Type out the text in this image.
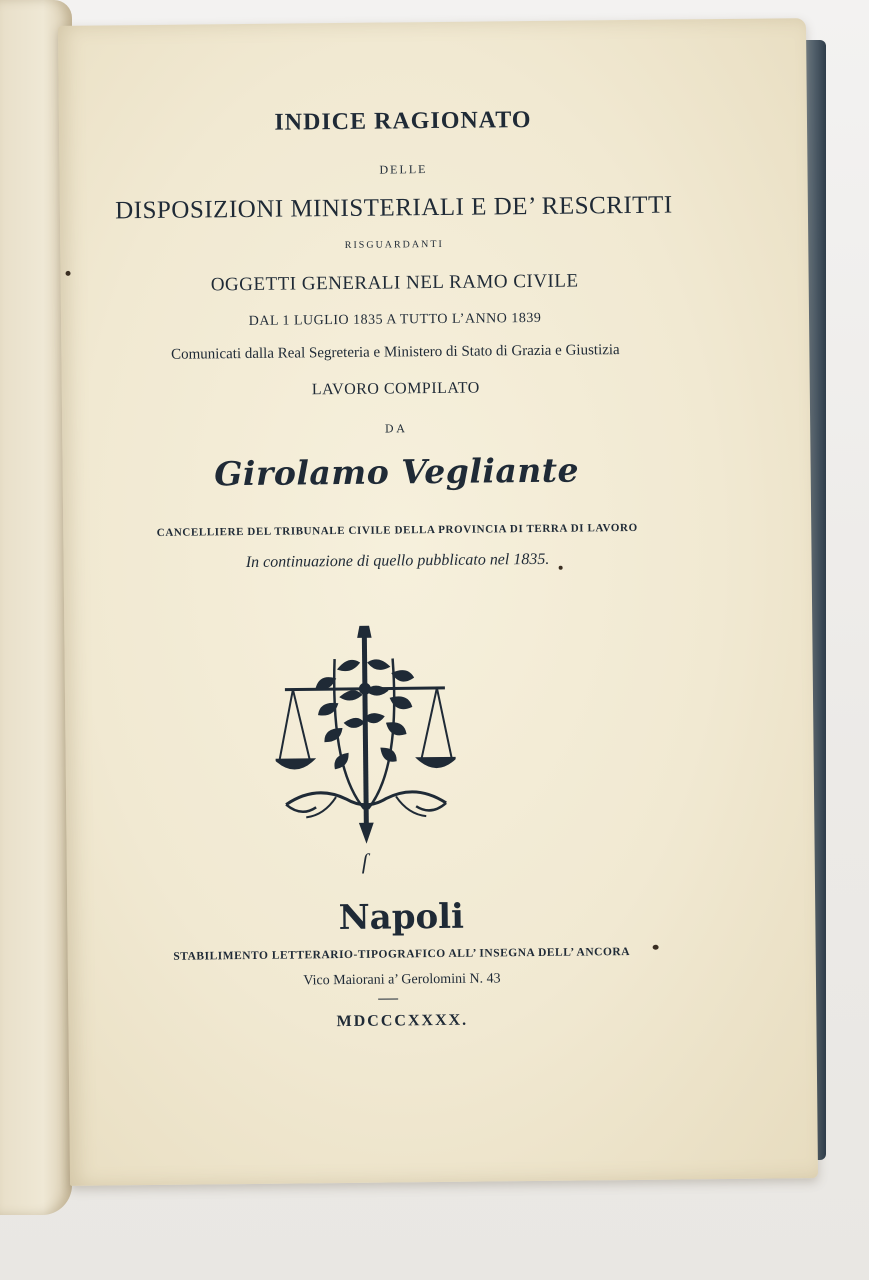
INDICE RAGIONATO
DELLE
DISPOSIZIONI MINISTERIALI E DE’ RESCRITTI
RISGUARDANTI
OGGETTI GENERALI NEL RAMO CIVILE
DAL 1 LUGLIO 1835 A TUTTO L’ANNO 1839
Comunicati dalla Real Segreteria e Ministero di Stato di Grazia e Giustizia
LAVORO COMPILATO
DA
Girolamo Vegliante
CANCELLIERE DEL TRIBUNALE CIVILE DELLA PROVINCIA DI TERRA DI LAVORO
In continuazione di quello pubblicato nel 1835.
ſ
Napoli
STABILIMENTO LETTERARIO-TIPOGRAFICO ALL’ INSEGNA DELL’ ANCORA
Vico Maiorani a’ Gerolomini N. 43
MDCCCXXXX.
